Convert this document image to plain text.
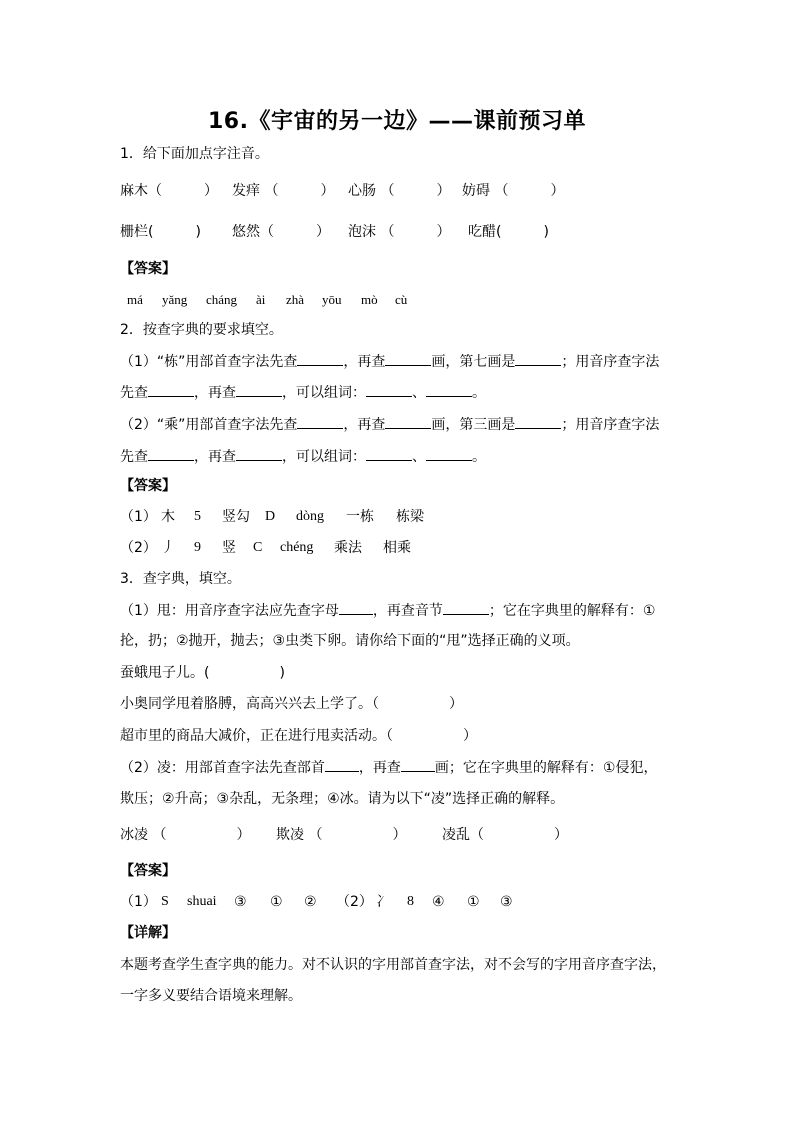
16.《宇宙的另一边》——课前预习单
1．给下面加点字注音。
麻木（　　　） 发痒 （　　　） 心肠 （　　　） 妨碍 （　　　）
栅栏(　　　) 悠然（　　　） 泡沫 （　　　） 吃醋(　　　)
【答案】
má yǎng cháng ài zhà yōu mò cù
2．按查字典的要求填空。
（1）“栋”用部首查字法先查	，再查	画，第七画是	；用音序查字法
先查	，再查	，可以组词：	、	。
（2）“乘”用部首查字法先查	，再查	画，第三画是	；用音序查字法
先查	，再查	，可以组词：	、	。
【答案】
（1） 木 5 竖勾 D dòng 一栋 栋梁
（2） 丿 9 竖 C chéng 乘法 相乘
3．查字典，填空。
（1）甩：用音序查字法应先查字母 ，再查音节	；它在字典里的解释有：①
抡，扔；②抛开，抛去；③虫类下卵。请你给下面的“甩”选择正确的义项。
蚕蛾甩子儿。(　　　　　)
小奥同学甩着胳膊，高高兴兴去上学了。（　　　　　）
超市里的商品大减价，正在进行甩卖活动。（　　　　　）
（2）凌：用部首查字法先查部首 ，再查 画；它在字典里的解释有：①侵犯，
欺压；②升高；③杂乱，无条理；④冰。请为以下“凌”选择正确的解释。
冰凌 （　　　　　） 欺凌 （　　　　　）	凌乱（　　　　　）
【答案】
（1） S shuai ③ ① ② （2） 冫 8 ④ ① ③
【详解】
本题考查学生查字典的能力。对不认识的字用部首查字法，对不会写的字用音序查字法，
一字多义要结合语境来理解。
